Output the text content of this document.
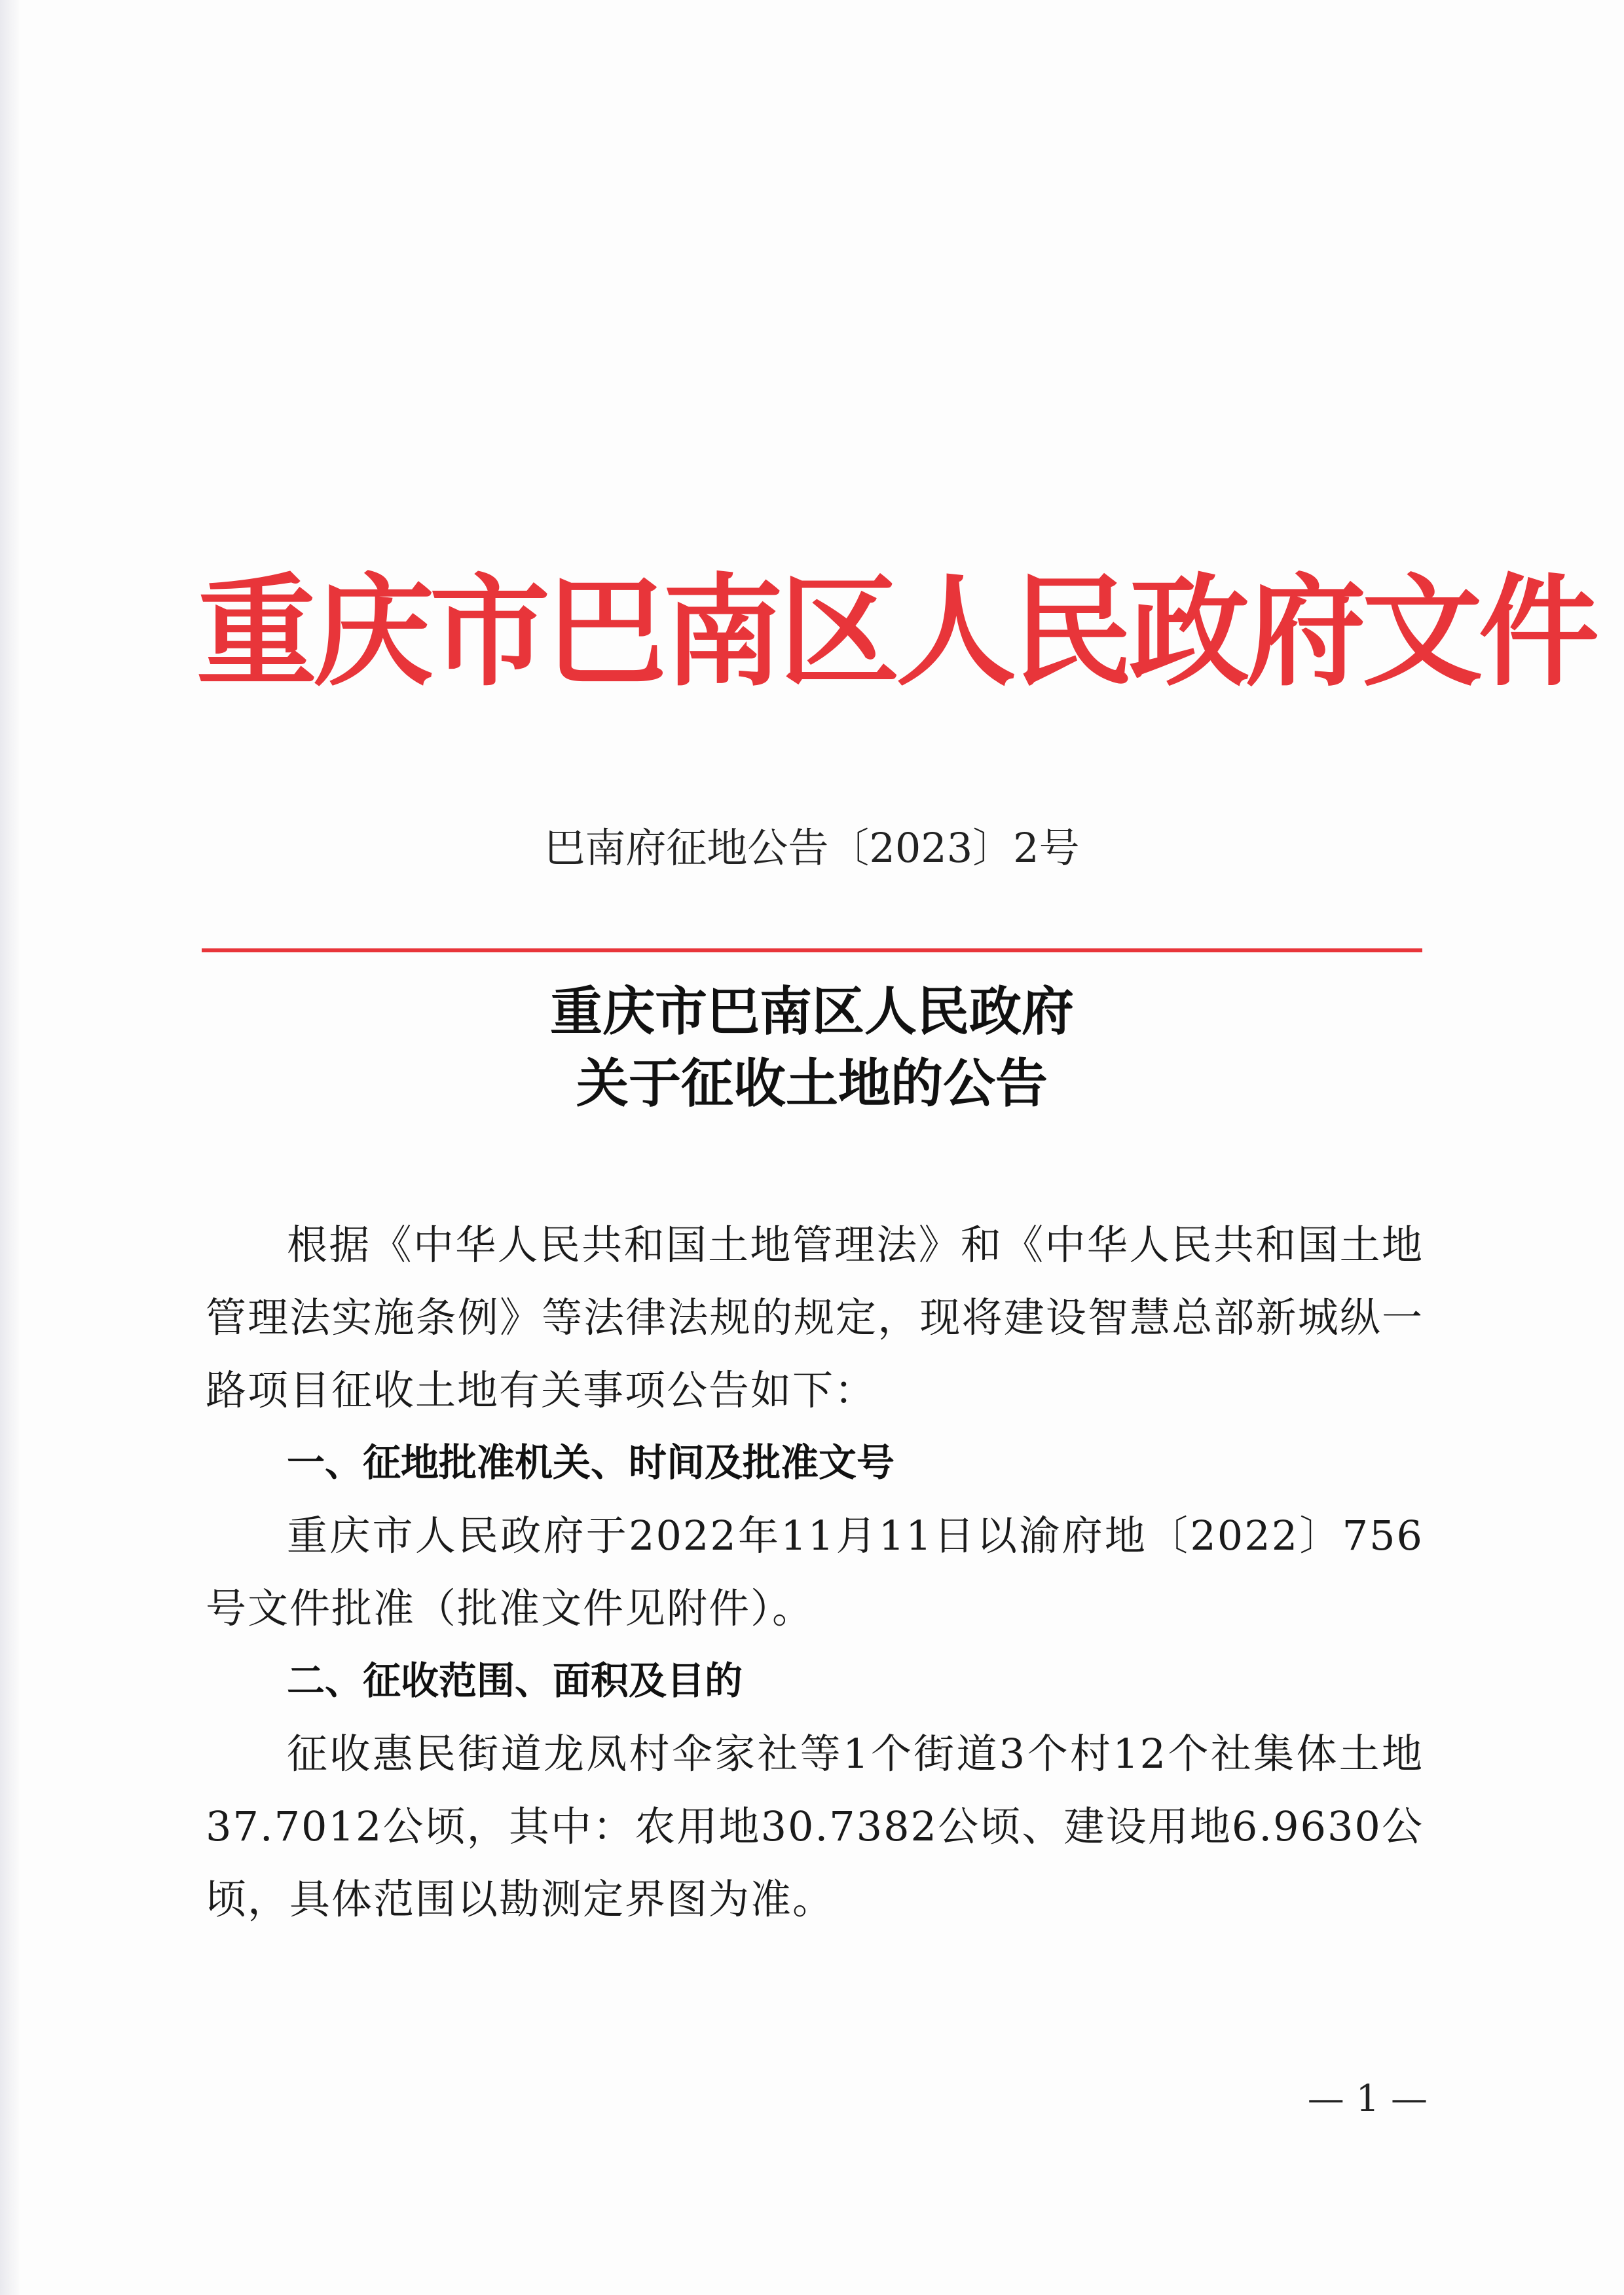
重庆市巴南区人民政府文件
巴南府征地公告〔2023〕2号
重庆市巴南区人民政府
关于征收土地的公告

根据《中华人民共和国土地管理法》和《中华人民共和国土地管理法实施条例》等法律法规的规定，现将建设智慧总部新城纵一路项目征收土地有关事项公告如下：

一、征地批准机关、时间及批准文号

重庆市人民政府于2022年11月11日以渝府地〔2022〕756号文件批准（批准文件见附件）。

二、征收范围、面积及目的

征收惠民街道龙凤村伞家社等1个街道3个村12个社集体土地37.7012公顷，其中：农用地30.7382公顷、建设用地6.9630公顷，具体范围以勘测定界图为准。

— 1 —
